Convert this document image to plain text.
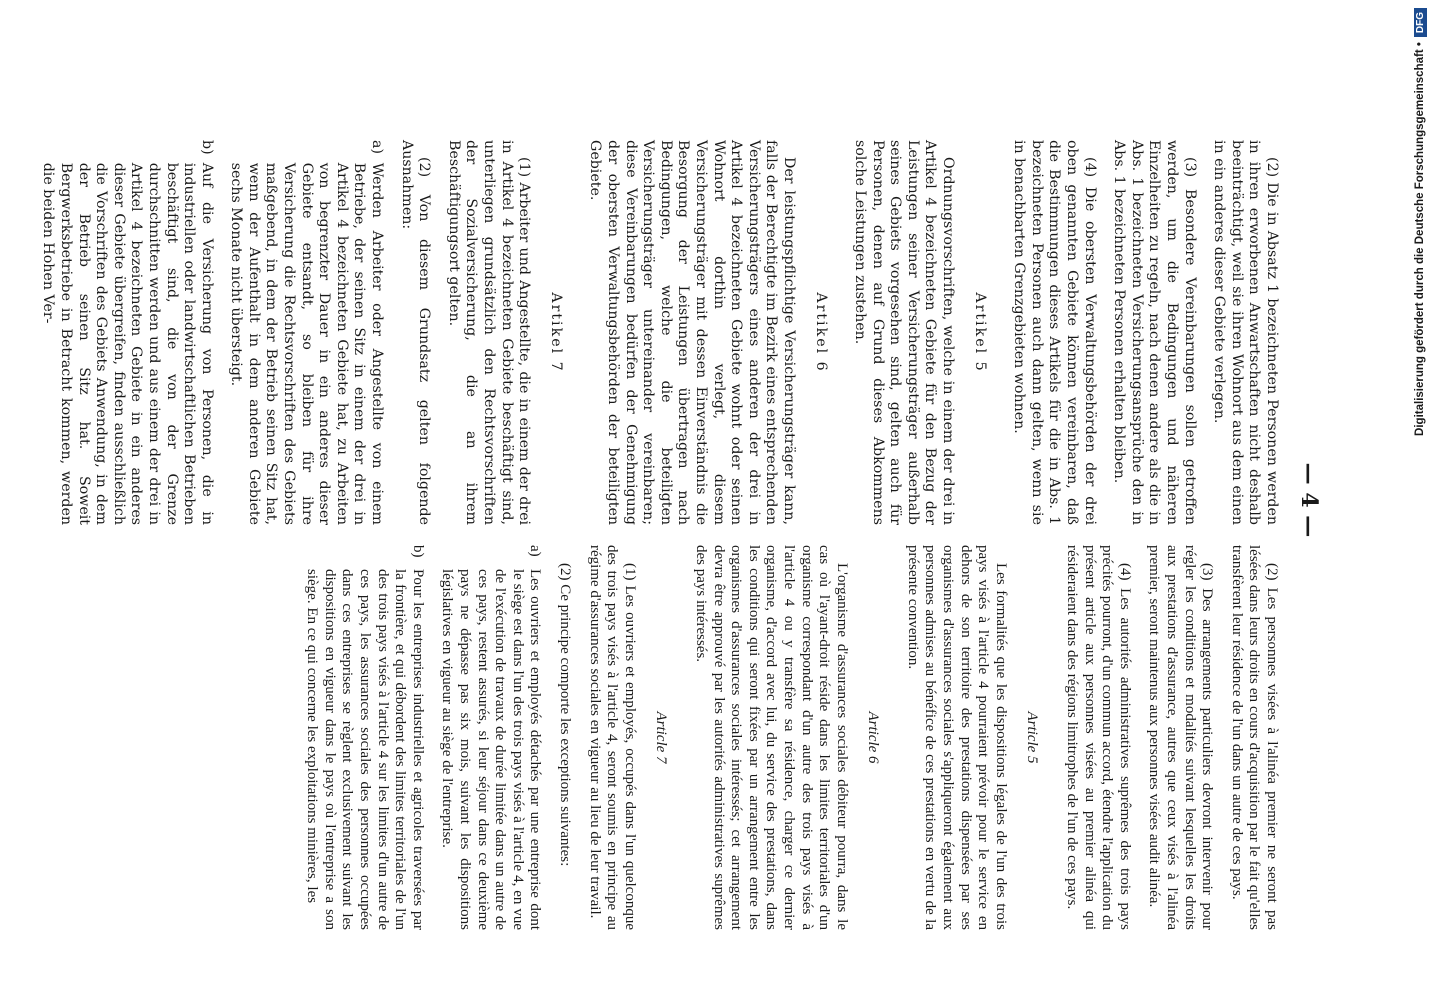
— 4 —

(2) Die in Absatz 1 bezeichneten Personen werden in ihren erworbenen Anwartschaften nicht deshalb beeinträchtigt, weil sie ihren Wohnort aus dem einen in ein anderes dieser Gebiete verlegen.

(3) Besondere Vereinbarungen sollen getroffen werden, um die Bedingungen und näheren Einzelheiten zu regeln, nach denen andere als die in Abs. 1 bezeichneten Versicherungsansprüche den in Abs. 1 bezeichneten Personen erhalten bleiben.

(4) Die obersten Verwaltungsbehörden der drei oben genannten Gebiete können vereinbaren, daß die Bestimmungen dieses Artikels für die in Abs. 1 bezeichneten Personen auch dann gelten, wenn sie in benachbarten Grenzgebieten wohnen.

Artikel 5

Ordnungsvorschriften, welche in einem der drei in Artikel 4 bezeichneten Gebiete für den Bezug der Leistungen seiner Versicherungsträger außerhalb seines Gebiets vorgesehen sind, gelten auch für Personen, denen auf Grund dieses Abkommens solche Leistungen zustehen.

Artikel 6

Der leistungspflichtige Versicherungsträger kann, falls der Berechtigte im Bezirk eines entsprechenden Versicherungsträgers eines anderen der drei in Artikel 4 bezeichneten Gebiete wohnt oder seinen Wohnort dorthin verlegt, diesem Versicherungsträger mit dessen Einverständnis die Besorgung der Leistungen übertragen nach Bedingungen, welche die beteiligten Versicherungsträger untereinander vereinbaren; diese Vereinbarungen bedürfen der Genehmigung der obersten Verwaltungsbehörden der beteiligten Gebiete.

Artikel 7

(1) Arbeiter und Angestellte, die in einem der drei in Artikel 4 bezeichneten Gebiete beschäftigt sind, unterliegen grundsätzlich den Rechtsvorschriften der Sozialversicherung, die an ihrem Beschäftigungsort gelten.

(2) Von diesem Grundsatz gelten folgende Ausnahmen:

a)
Werden Arbeiter oder Angestellte von einem Betriebe, der seinen Sitz in einem der drei in Artikel 4 bezeichneten Gebiete hat, zu Arbeiten von begrenzter Dauer in ein anderes dieser Gebiete entsandt, so bleiben für ihre Versicherung die Rechtsvorschriften des Gebiets maßgebend, in dem der Betrieb seinen Sitz hat, wenn der Aufenthalt in dem anderen Gebiete sechs Monate nicht übersteigt.

b)
Auf die Versicherung von Personen, die in industriellen oder landwirtschaftlichen Betrieben beschäftigt sind, die von der Grenze durchschnitten werden und aus einem der drei in Artikel 4 bezeichneten Gebiete in ein anderes dieser Gebiete übergreifen, finden ausschließlich die Vorschriften des Gebiets Anwendung, in dem der Betrieb seinen Sitz hat. Soweit Bergwerksbetriebe in Betracht kommen, werden die beiden Hohen Ver-

(2) Les personnes visées à l'alinéa premier ne seront pas lésées dans leurs droits en cours d'acquisition par le fait qu'elles transfèrent leur résidence de l'un dans un autre de ces pays.

(3) Des arrangements particuliers devront intervenir pour régler les conditions et modalités suivant lesquelles les droits aux prestations d'assurance, autres que ceux visés à l'alinéa premier, seront maintenus aux personnes visées audit alinéa.

(4) Les autorités administratives suprêmes des trois pays précités pourront, d'un commun accord, étendre l'application du présent article aux personnes visées au premier alinéa qui résideraient dans des régions limitrophes de l'un de ces pays.

Article 5

Les formalités que les dispositions légales de l'un des trois pays visés à l'article 4 pourraient prévoir pour le service en dehors de son territoire des prestations dispensées par ses organismes d'assurances sociales s'appliqueront également aux personnes admises au bénéfice de ces prestations en vertu de la présente convention.

Article 6

L'organisme d'assurances sociales débiteur pourra, dans le cas où l'ayant-droit réside dans les limites territoriales d'un organisme correspondant d'un autre des trois pays visés à l'article 4 ou y transfère sa résidence, charger ce dernier organisme, d'accord avec lui, du service des prestations, dans les conditions qui seront fixées par un arrangement entre les organismes d'assurances sociales intéressés; cet arrangement devra être approuvé par les autorités administratives suprêmes des pays intéressés.

Article 7

(1) Les ouvriers et employés, occupés dans l'un quelconque des trois pays visés à l'article 4, seront soumis en principe au régime d'assurances sociales en vigueur au lieu de leur travail.

(2) Ce principe comporte les exceptions suivantes:

a)
Les ouvriers et employés détachés par une entreprise dont le siège est dans l'un des trois pays visés à l'article 4, en vue de l'exécution de travaux de durée limitée dans un autre de ces pays, restent assurés, si leur séjour dans ce deuxième pays ne dépasse pas six mois, suivant les dispositions législatives en vigueur au siège de l'entreprise.

b)
Pour les entreprises industrielles et agricoles traversées par la frontière, et qui débordent des limites territoriales de l'un des trois pays visés à l'article 4 sur les limites d'un autre de ces pays, les assurances sociales des personnes occupées dans ces entreprises se règlent exclusivement suivant les dispositions en vigueur dans le pays où l'entreprise a son siège. En ce qui concerne les exploitations minières, les

Digitalisierung gefördert durch die Deutsche Forschungsgemeinschaft •
DFG
